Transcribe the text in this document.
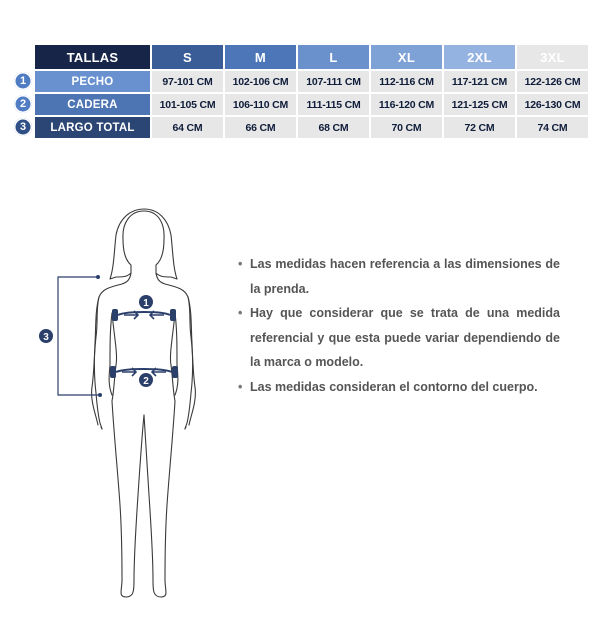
TALLAS	S	M	L	XL	2XL	3XL
1	PECHO	97-101 CM	102-106 CM	107-111 CM	112-116 CM	117-121 CM	122-126 CM
2	CADERA	101-105 CM	106-110 CM	111-115 CM	116-120 CM	121-125 CM	126-130 CM
3	LARGO TOTAL	64 CM	66 CM	68 CM	70 CM	72 CM	74 CM
3
1
2
• Las medidas hacen referencia a las dimensiones de la prenda.
• Hay que considerar que se trata de una medida referencial y que esta puede variar dependiendo de la marca o modelo.
• Las medidas consideran el contorno del cuerpo.
